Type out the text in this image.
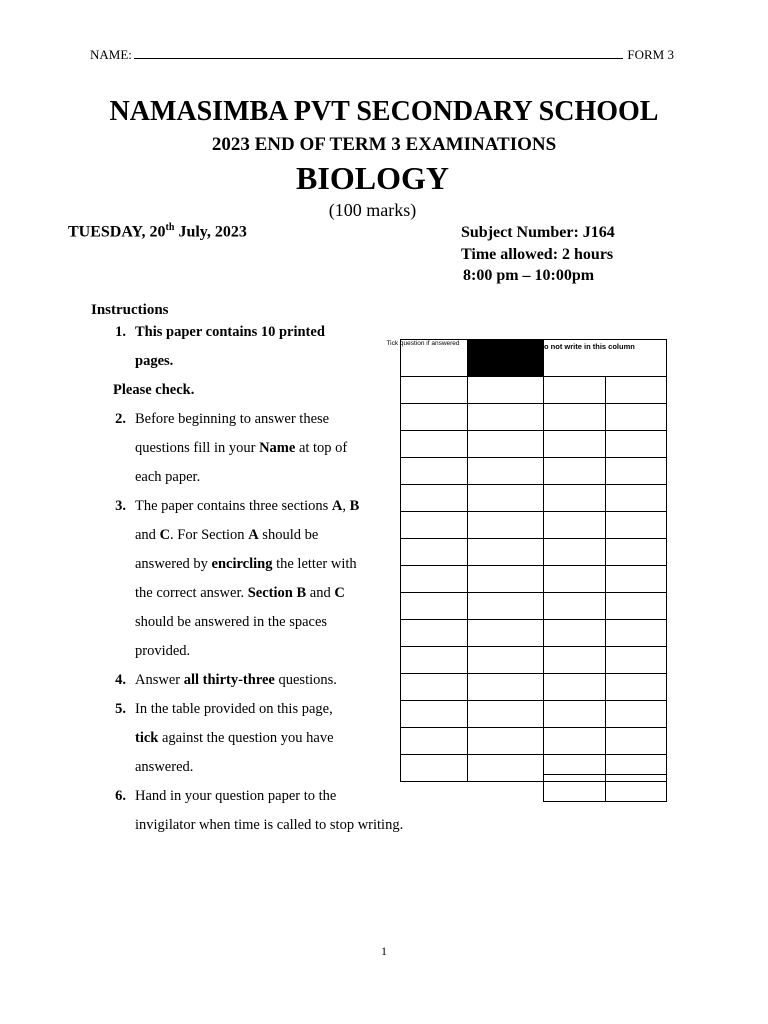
NAME:	FORM 3
NAMASIMBA PVT SECONDARY SCHOOL
2023 END OF TERM 3 EXAMINATIONS
BIOLOGY
(100 marks)
TUESDAY, 20th July, 2023	Subject Number: J164
Time allowed: 2 hours
8:00 pm – 10:00pm
Instructions
1. This paper contains 10 printed
pages.
Please check.
2. Before beginning to answer these
questions fill in your Name at top of
each paper.
3. The paper contains three sections A, B
and C. For Section A should be
answered by encircling the letter with
the correct answer. Section B and C
should be answered in the spaces
provided.
4. Answer all thirty-three questions.
5. In the table provided on this page,
tick against the question you have
answered.
6. Hand in your question paper to the
invigilator when time is called to stop writing.
Tick question if answered		o not write in this column	

1
